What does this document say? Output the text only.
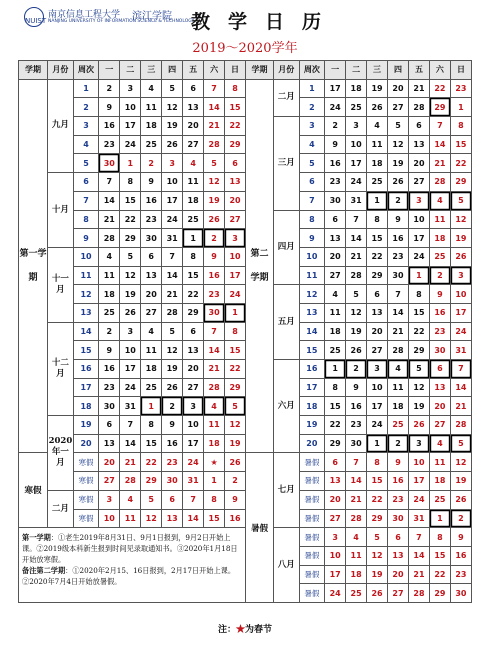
NUIST
南京信息工程大学
NANJING UNIVERSITY OF INFORMATION SCIENCE & TECHNOLOGY
滨江学院 教学日历
2019～2020学年
学期	月份	周次	一	二	三	四	五	六	日	学期	月份	周次	一	二	三	四	五	六	日
第一学期	九月	1	2	3	4	5	6	7	8	第二学期	二月	1	17	18	19	20	21	22	23
		2	9	10	11	12	13	14	15			2	24	25	26	27	28	29	1
		3	16	17	18	19	20	21	22		三月	3	2	3	4	5	6	7	8
		4	23	24	25	26	27	28	29			4	9	10	11	12	13	14	15
		5	30	1	2	3	4	5	6			5	16	17	18	19	20	21	22
	十月	6	7	8	9	10	11	12	13			6	23	24	25	26	27	28	29
		7	14	15	16	17	18	19	20			7	30	31	1	2	3	4	5
		8	21	22	23	24	25	26	27		四月	8	6	7	8	9	10	11	12
		9	28	29	30	31	1	2	3			9	13	14	15	16	17	18	19
	十一月	10	4	5	6	7	8	9	10			10	20	21	22	23	24	25	26
		11	11	12	13	14	15	16	17			11	27	28	29	30	1	2	3
		12	18	19	20	21	22	23	24		五月	12	4	5	6	7	8	9	10
		13	25	26	27	28	29	30	1			13	11	12	13	14	15	16	17
	十二月	14	2	3	4	5	6	7	8			14	18	19	20	21	22	23	24
		15	9	10	11	12	13	14	15			15	25	26	27	28	29	30	31
		16	16	17	18	19	20	21	22		六月	16	1	2	3	4	5	6	7
		17	23	24	25	26	27	28	29			17	8	9	10	11	12	13	14
		18	30	31	1	2	3	4	5			18	15	16	17	18	19	20	21
	2020年一月	19	6	7	8	9	10	11	12			19	22	23	24	25	26	27	28
		20	13	14	15	16	17	18	19			20	29	30	1	2	3	4	5
寒假		寒假	20	21	22	23	24	★	26	暑假	七月	暑假	6	7	8	9	10	11	12
		寒假	27	28	29	30	31	1	2			暑假	13	14	15	16	17	18	19
	二月	寒假	3	4	5	6	7	8	9			暑假	20	21	22	23	24	25	26
		寒假	10	11	12	13	14	15	16			暑假	27	28	29	30	31	1	2

第一学期：①老生2019年8月31日、9月1日报到，9月2日开始上课。②2019级本科新生报到时间见录取通知书。③2020年1月18日开始放寒假。
备注 第二学期：①2020年2月15、16日报到，2月17日开始上课。②2020年7月4日开始放暑假。											八月	暑假	3	4	5	6	7	8	9
												暑假	10	11	12	13	14	15	16
												暑假	17	18	19	20	21	22	23
												暑假	24	25	26	27	28	29	30
注：★为春节
